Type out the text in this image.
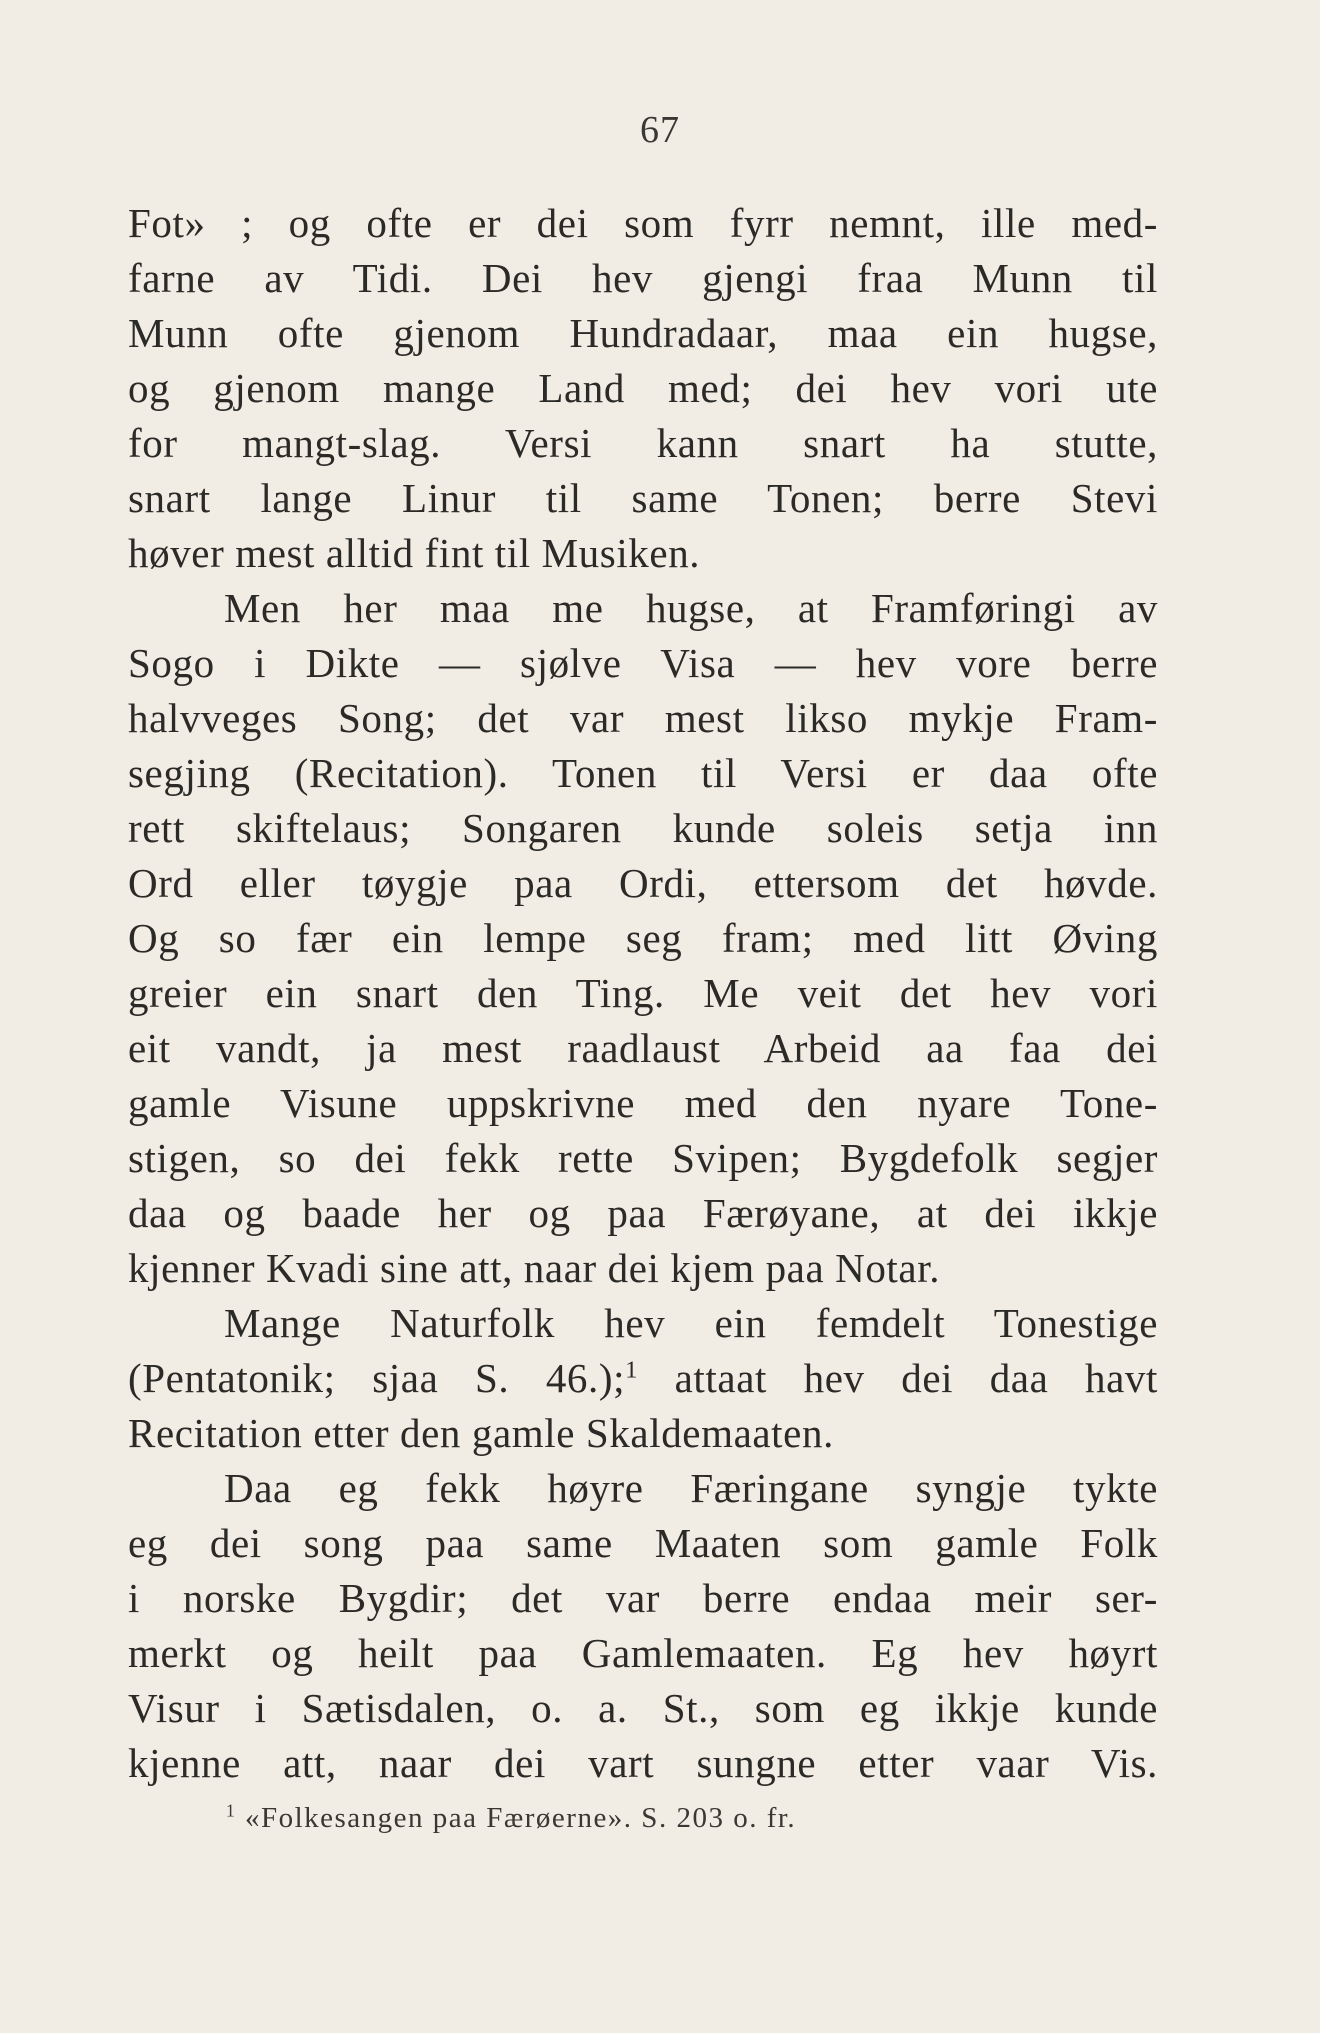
67
Fot» ; og ofte er dei som fyrr nemnt, ille med-
farne av Tidi. Dei hev gjengi fraa Munn til
Munn ofte gjenom Hundradaar, maa ein hugse,
og gjenom mange Land med; dei hev vori ute
for mangt-slag. Versi kann snart ha stutte,
snart lange Linur til same Tonen; berre Stevi
høver mest alltid fint til Musiken.
Men her maa me hugse, at Framføringi av
Sogo i Dikte — sjølve Visa — hev vore berre
halvveges Song; det var mest likso mykje Fram-
segjing (Recitation). Tonen til Versi er daa ofte
rett skiftelaus; Songaren kunde soleis setja inn
Ord eller tøygje paa Ordi, ettersom det høvde.
Og so fær ein lempe seg fram; med litt Øving
greier ein snart den Ting. Me veit det hev vori
eit vandt, ja mest raadlaust Arbeid aa faa dei
gamle Visune uppskrivne med den nyare Tone-
stigen, so dei fekk rette Svipen; Bygdefolk segjer
daa og baade her og paa Færøyane, at dei ikkje
kjenner Kvadi sine att, naar dei kjem paa Notar.
Mange Naturfolk hev ein femdelt Tonestige
(Pentatonik; sjaa S. 46.);$^1$ attaat hev dei daa havt
Recitation etter den gamle Skaldemaaten.
Daa eg fekk høyre Færingane syngje tykte
eg dei song paa same Maaten som gamle Folk
i norske Bygdir; det var berre endaa meir ser-
merkt og heilt paa Gamlemaaten. Eg hev høyrt
Visur i Sætisdalen, o. a. St., som eg ikkje kunde
kjenne att, naar dei vart sungne etter vaar Vis.
$^1$ «Folkesangen paa Færøerne». S. 203 o. fr.
